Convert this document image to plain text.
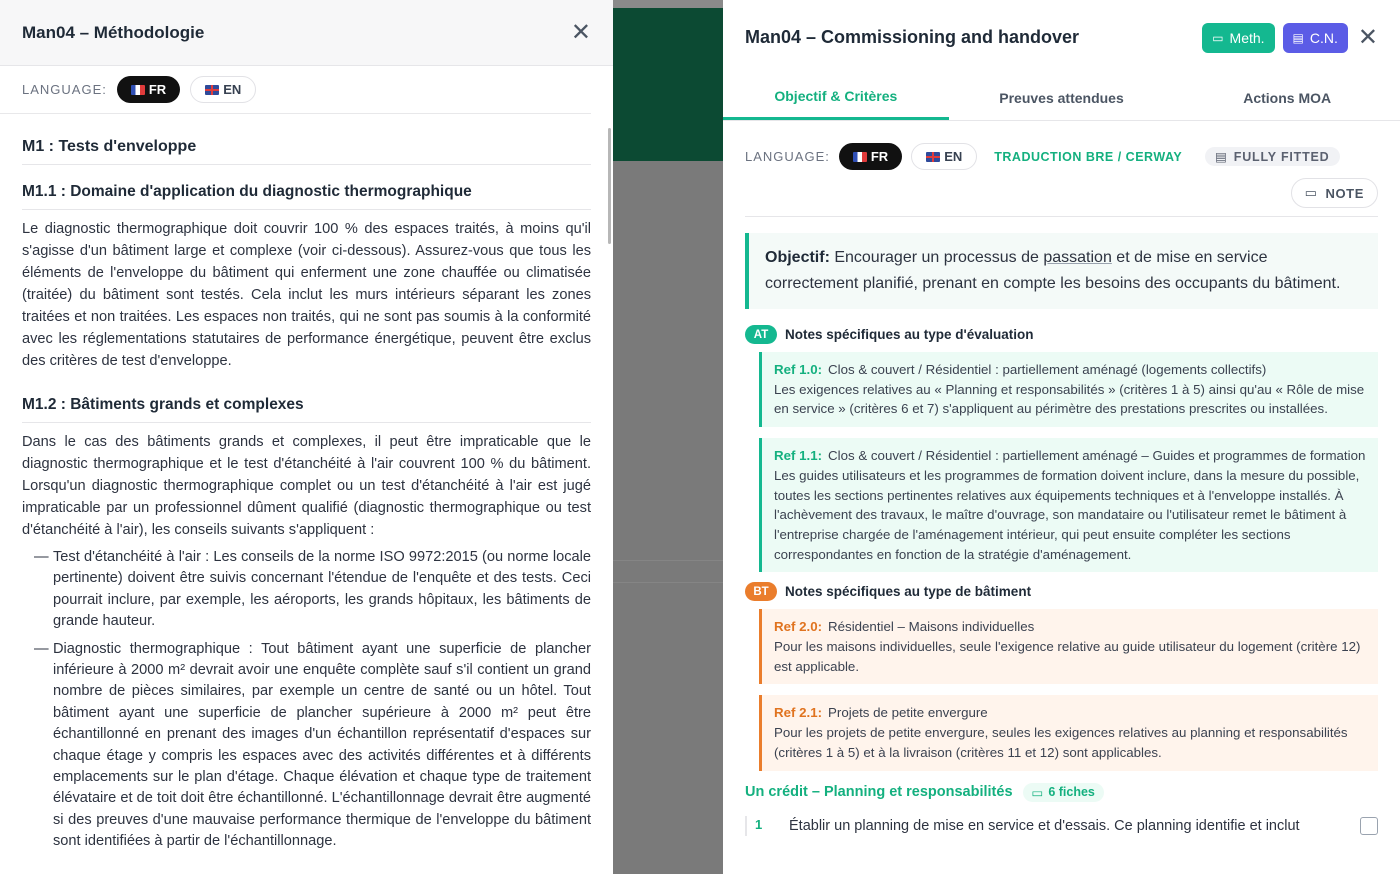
Man04 – Méthodologie	✕
LANGUAGE:	FR	EN
M1 : Tests d'enveloppe
M1.1 : Domaine d'application du diagnostic thermographique
Le diagnostic thermographique doit couvrir 100 % des espaces traités, à moins qu'il s'agisse d'un bâtiment large et complexe (voir ci-dessous). Assurez-vous que tous les éléments de l'enveloppe du bâtiment qui enferment une zone chauffée ou climatisée (traitée) du bâtiment sont testés. Cela inclut les murs intérieurs séparant les zones traitées et non traitées. Les espaces non traités, qui ne sont pas soumis à la conformité avec les réglementations statutaires de performance énergétique, peuvent être exclus des critères de test d'enveloppe.
M1.2 : Bâtiments grands et complexes
Dans le cas des bâtiments grands et complexes, il peut être impraticable que le diagnostic thermographique et le test d'étanchéité à l'air couvrent 100 % du bâtiment. Lorsqu'un diagnostic thermographique complet ou un test d'étanchéité à l'air est jugé impraticable par un professionnel dûment qualifié (diagnostic thermographique ou test d'étanchéité à l'air), les conseils suivants s'appliquent :
— Test d'étanchéité à l'air : Les conseils de la norme ISO 9972:2015 (ou norme locale pertinente) doivent être suivis concernant l'étendue de l'enquête et des tests. Ceci pourrait inclure, par exemple, les aéroports, les grands hôpitaux, les bâtiments de grande hauteur.
— Diagnostic thermographique : Tout bâtiment ayant une superficie de plancher inférieure à 2000 m² devrait avoir une enquête complète sauf s'il contient un grand nombre de pièces similaires, par exemple un centre de santé ou un hôtel. Tout bâtiment ayant une superficie de plancher supérieure à 2000 m² peut être échantillonné en prenant des images d'un échantillon représentatif d'espaces sur chaque étage y compris les espaces avec des activités différentes et à différents emplacements sur le plan d'étage. Chaque élévation et chaque type de traitement élévataire et de toit doit être échantillonné. L'échantillonnage devrait être augmenté si des preuves d'une mauvaise performance thermique de l'enveloppe du bâtiment sont identifiées à partir de l'échantillonnage.
Man04 – Commissioning and handover	▭ Meth. ▤ C.N. ✕
Objectif & Critères	Preuves attendues	Actions MOA
LANGUAGE:	FR	EN	TRADUCTION BRE / CERWAY	▤ FULLY FITTED
▭ NOTE
Objectif: Encourager un processus de passation et de mise en service correctement planifié, prenant en compte les besoins des occupants du bâtiment.
AT	Notes spécifiques au type d'évaluation
Ref 1.0: Clos & couvert / Résidentiel : partiellement aménagé (logements collectifs)
Les exigences relatives au « Planning et responsabilités » (critères 1 à 5) ainsi qu'au « Rôle de mise en service » (critères 6 et 7) s'appliquent au périmètre des prestations prescrites ou installées.
Ref 1.1: Clos & couvert / Résidentiel : partiellement aménagé – Guides et programmes de formation
Les guides utilisateurs et les programmes de formation doivent inclure, dans la mesure du possible, toutes les sections pertinentes relatives aux équipements techniques et à l'enveloppe installés. À l'achèvement des travaux, le maître d'ouvrage, son mandataire ou l'utilisateur remet le bâtiment à l'entreprise chargée de l'aménagement intérieur, qui peut ensuite compléter les sections correspondantes en fonction de la stratégie d'aménagement.
BT	Notes spécifiques au type de bâtiment
Ref 2.0: Résidentiel – Maisons individuelles
Pour les maisons individuelles, seule l'exigence relative au guide utilisateur du logement (critère 12) est applicable.
Ref 2.1: Projets de petite envergure
Pour les projets de petite envergure, seules les exigences relatives au planning et responsabilités (critères 1 à 5) et à la livraison (critères 11 et 12) sont applicables.
Un crédit – Planning et responsabilités ▭ 6 fiches
1	Établir un planning de mise en service et d'essais. Ce planning identifie et inclut
